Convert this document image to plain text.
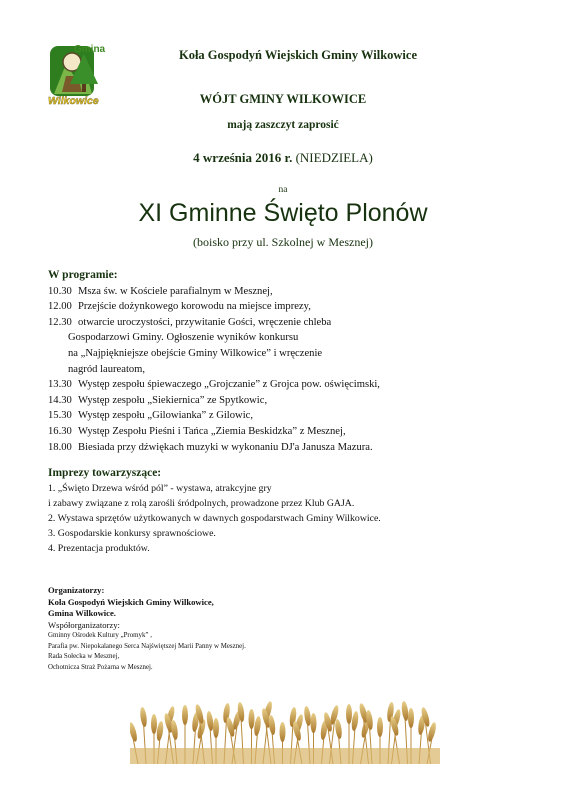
Gmina
Wilkowice
Koła Gospodyń Wiejskich Gminy Wilkowice
WÓJT GMINY WILKOWICE
mają zaszczyt zaprosić
4 września 2016 r. (NIEDZIELA)
na
XI Gminne Święto Plonów
(boisko przy ul. Szkolnej w Mesznej)
W programie:
10.30 Msza św. w Kościele parafialnym w Mesznej,
12.00 Przejście dożynkowego korowodu na miejsce imprezy,
12.30 otwarcie uroczystości, przywitanie Gości, wręczenie chleba
Gospodarzowi Gminy. Ogłoszenie wyników konkursu
na „Najpiękniejsze obejście Gminy Wilkowice” i wręczenie
nagród laureatom,
13.30 Występ zespołu śpiewaczego „Grojczanie” z Grojca pow. oświęcimski,
14.30 Występ zespołu „Siekiernica” ze Spytkowic,
15.30 Występ zespołu „Gilowianka” z Gilowic,
16.30 Występ Zespołu Pieśni i Tańca „Ziemia Beskidzka” z Mesznej,
18.00 Biesiada przy dźwiękach muzyki w wykonaniu DJ'a Janusza Mazura.
Imprezy towarzyszące:
1. „Święto Drzewa wśród pól” - wystawa, atrakcyjne gry
i zabawy związane z rolą zarośli śródpolnych, prowadzone przez Klub GAJA.
2. Wystawa sprzętów użytkowanych w dawnych gospodarstwach Gminy Wilkowice.
3. Gospodarskie konkursy sprawnościowe.
4. Prezentacja produktów.
Organizatorzy:
Koła Gospodyń Wiejskich Gminy Wilkowice,
Gmina Wilkowice.
Współorganizatorzy:
Gminny Ośrodek Kultury „Promyk” ,
Parafia pw. Niepokalanego Serca Najświętszej Marii Panny w Mesznej.
Rada Sołecka w Mesznej,
Ochotnicza Straż Pożarna w Mesznej.
